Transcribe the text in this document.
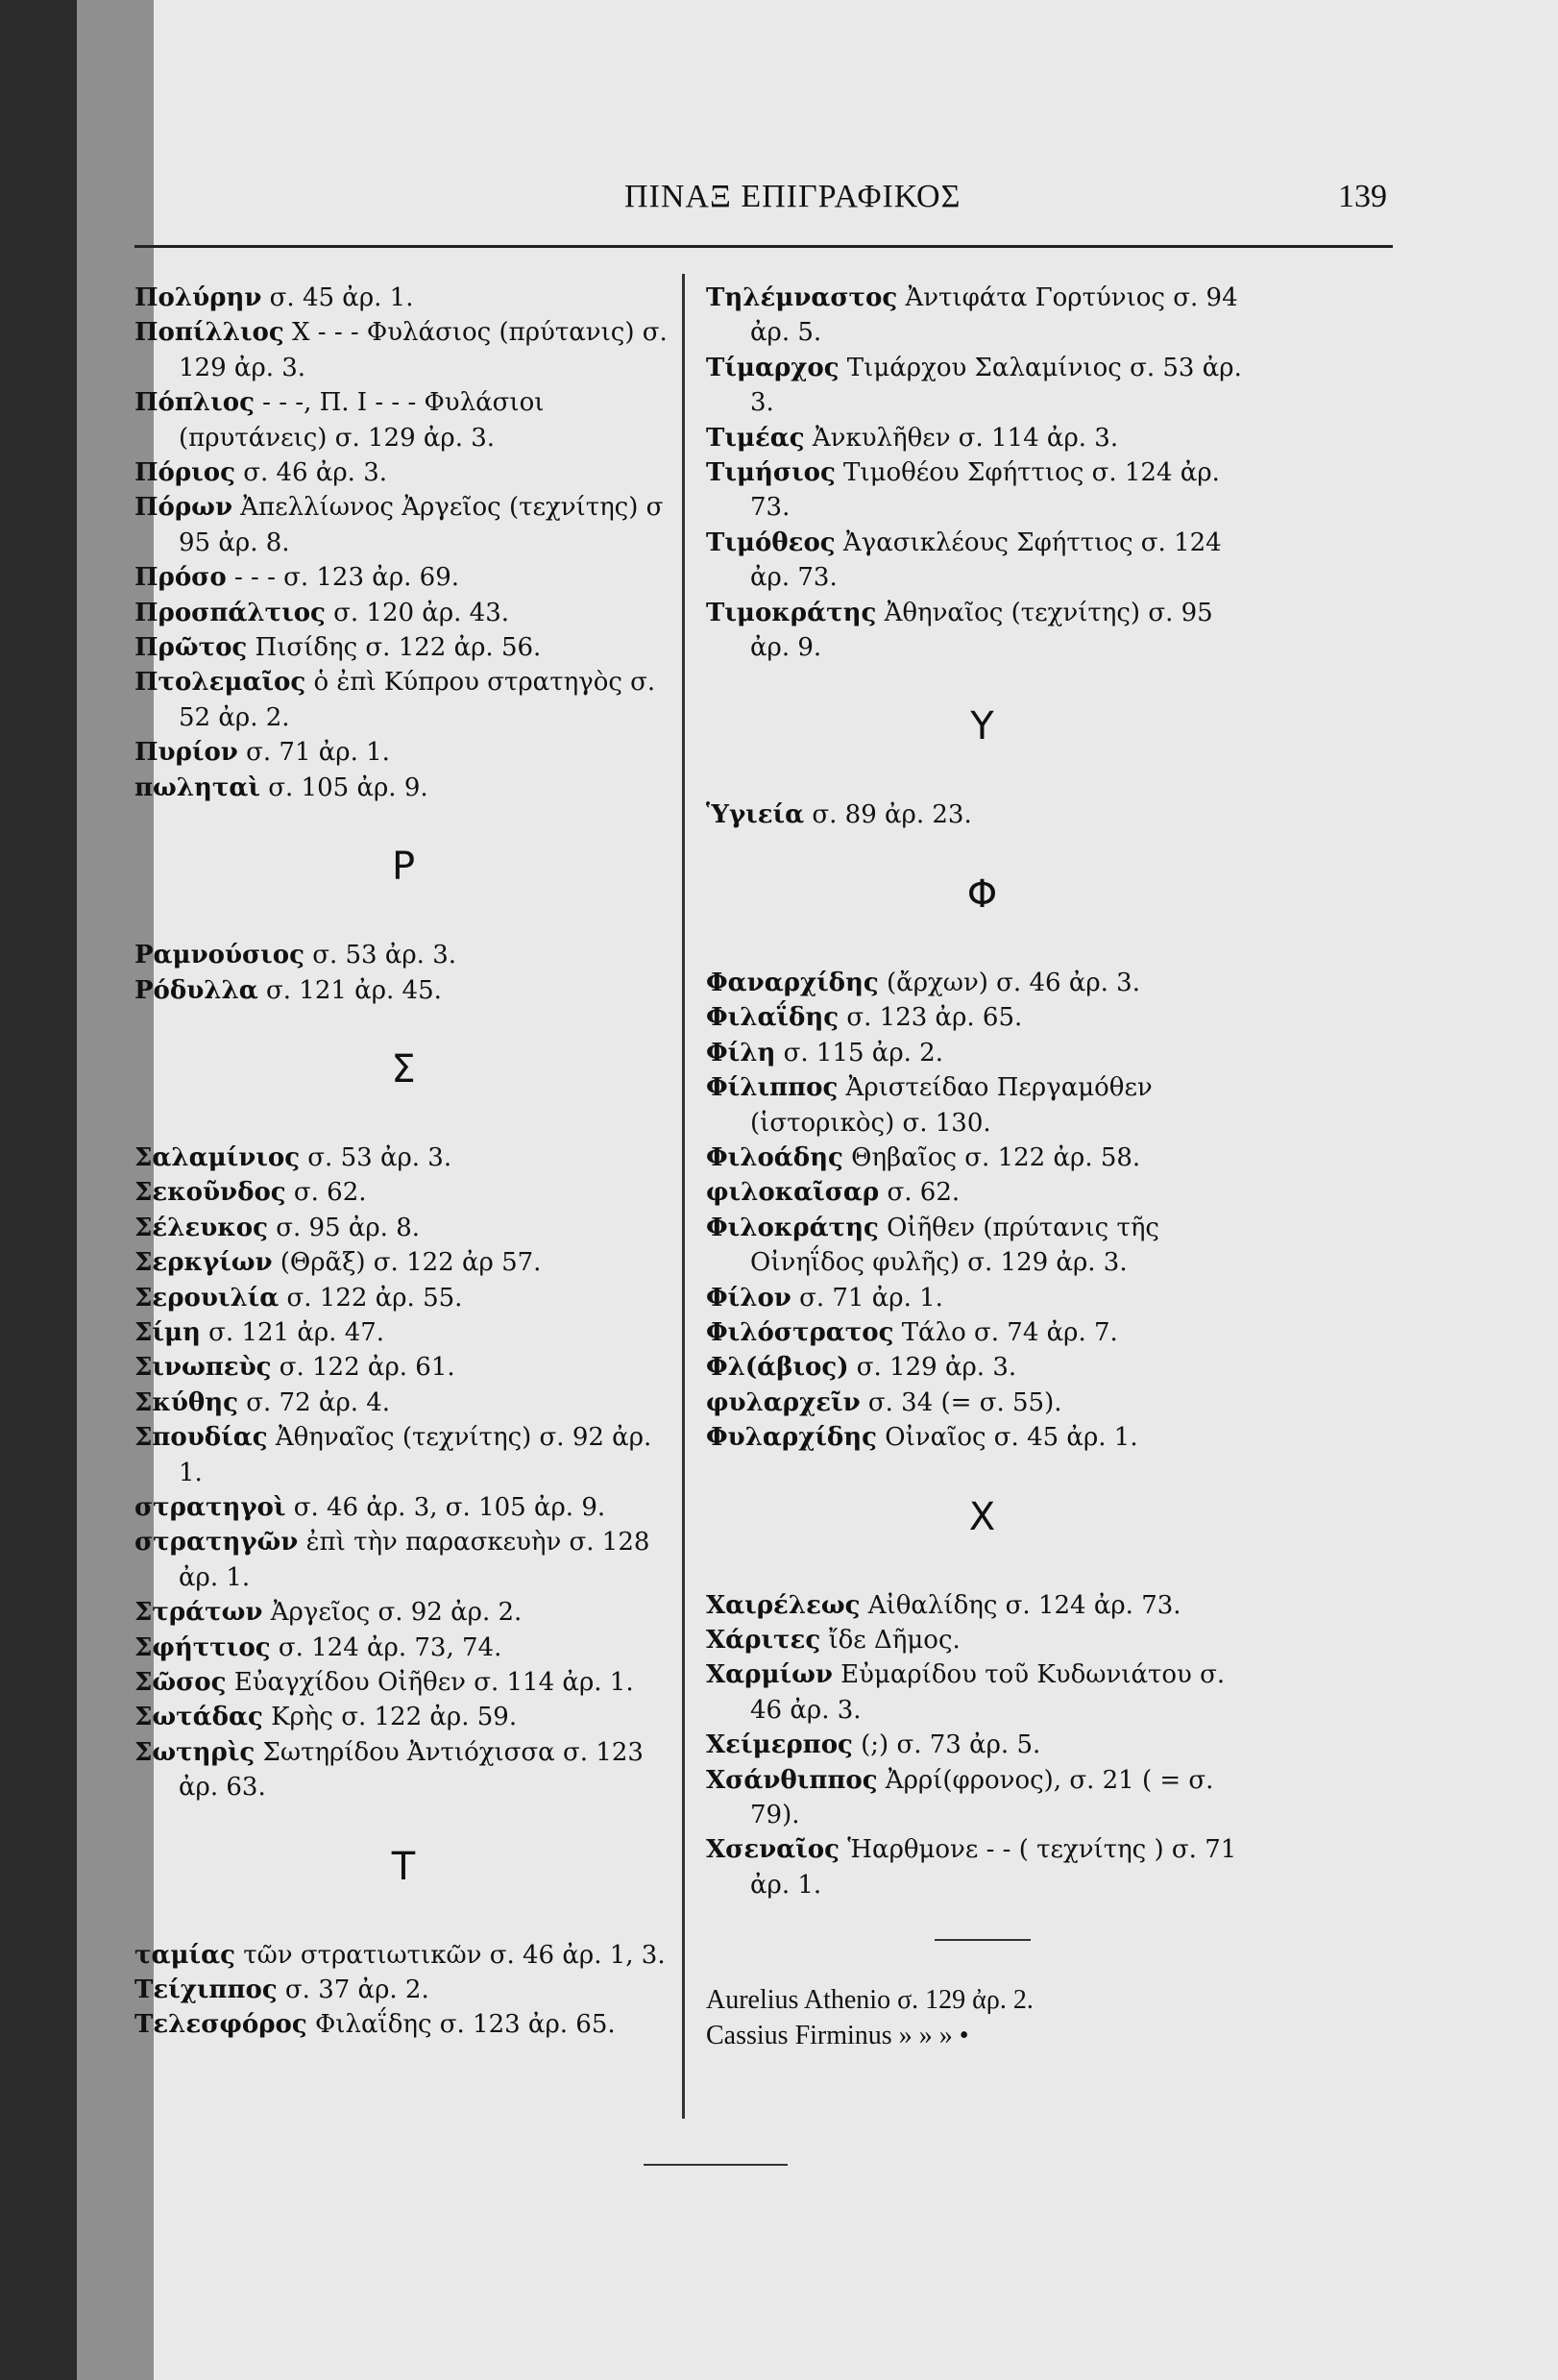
ΠΙΝΑΞ ΕΠΙΓΡΑΦΙΚΟΣ	139
Πολύρην σ. 45 ἀρ. 1.
Ποπίλλιος Χ - - - Φυλάσιος (πρύτανις) σ. 129 ἀρ. 3.
Πόπλιος - - -, Π. Ι - - - Φυλάσιοι (πρυτάνεις) σ. 129 ἀρ. 3.
Πόριος σ. 46 ἀρ. 3.
Πόρων Ἀπελλίωνος Ἀργεῖος (τεχνίτης) σ 95 ἀρ. 8.
Πρόσο - - - σ. 123 ἀρ. 69.
Προσπάλτιος σ. 120 ἀρ. 43.
Πρῶτος Πισίδης σ. 122 ἀρ. 56.
Πτολεμαῖος ὁ ἐπὶ Κύπρου στρατηγὸς σ. 52 ἀρ. 2.
Πυρίον σ. 71 ἀρ. 1.
πωληταὶ σ. 105 ἀρ. 9.
Ρ
Ραμνούσιος σ. 53 ἀρ. 3.
Ρόδυλλα σ. 121 ἀρ. 45.
Σ
Σαλαμίνιος σ. 53 ἀρ. 3.
Σεκοῦνδος σ. 62.
Σέλευκος σ. 95 ἀρ. 8.
Σερκγίων (Θρᾶξ) σ. 122 ἀρ 57.
Σερουιλία σ. 122 ἀρ. 55.
Σίμη σ. 121 ἀρ. 47.
Σινωπεὺς σ. 122 ἀρ. 61.
Σκύθης σ. 72 ἀρ. 4.
Σπουδίας Ἀθηναῖος (τεχνίτης) σ. 92 ἀρ. 1.
στρατηγοὶ σ. 46 ἀρ. 3, σ. 105 ἀρ. 9.
στρατηγῶν ἐπὶ τὴν παρασκευὴν σ. 128 ἀρ. 1.
Στράτων Ἀργεῖος σ. 92 ἀρ. 2.
Σφήττιος σ. 124 ἀρ. 73, 74.
Σῶσος Εὐαγχίδου Οἰῆθεν σ. 114 ἀρ. 1.
Σωτάδας Κρὴς σ. 122 ἀρ. 59.
Σωτηρὶς Σωτηρίδου Ἀντιόχισσα σ. 123 ἀρ. 63.
Τ
ταμίας τῶν στρατιωτικῶν σ. 46 ἀρ. 1, 3.
Τείχιππος σ. 37 ἀρ. 2.
Τελεσφόρος Φιλαΐδης σ. 123 ἀρ. 65.
Τηλέμναστος Ἀντιφάτα Γορτύνιος σ. 94 ἀρ. 5.
Τίμαρχος Τιμάρχου Σαλαμίνιος σ. 53 ἀρ. 3.
Τιμέας Ἀνκυλῆθεν σ. 114 ἀρ. 3.
Τιμήσιος Τιμοθέου Σφήττιος σ. 124 ἀρ. 73.
Τιμόθεος Ἀγασικλέους Σφήττιος σ. 124 ἀρ. 73.
Τιμοκράτης Ἀθηναῖος (τεχνίτης) σ. 95 ἀρ. 9.
Υ
Ὑγιεία σ. 89 ἀρ. 23.
Φ
Φαναρχίδης (ἄρχων) σ. 46 ἀρ. 3.
Φιλαΐδης σ. 123 ἀρ. 65.
Φίλη σ. 115 ἀρ. 2.
Φίλιππος Ἀριστείδαο Περγαμόθεν (ἱστορικὸς) σ. 130.
Φιλοάδης Θηβαῖος σ. 122 ἀρ. 58.
φιλοκαῖσαρ σ. 62.
Φιλοκράτης Οἰῆθεν (πρύτανις τῆς Οἰνηΐδος φυλῆς) σ. 129 ἀρ. 3.
Φίλον σ. 71 ἀρ. 1.
Φιλόστρατος Τάλο σ. 74 ἀρ. 7.
Φλ(άβιος) σ. 129 ἀρ. 3.
φυλαρχεῖν σ. 34 (= σ. 55).
Φυλαρχίδης Οἰναῖος σ. 45 ἀρ. 1.
Χ
Χαιρέλεως Αἰθαλίδης σ. 124 ἀρ. 73.
Χάριτες ἴδε Δῆμος.
Χαρμίων Εὐμαρίδου τοῦ Κυδωνιάτου σ. 46 ἀρ. 3.
Χείμερπος (;) σ. 73 ἀρ. 5.
Χσάνθιππος Ἀρρί(φρονος), σ. 21 ( = σ. 79).
Χσεναῖος Ἡαρθμονε - - ( τεχνίτης ) σ. 71 ἀρ. 1.
Aurelius Athenio σ. 129 ἀρ. 2.
Cassius Firminus » » » •
